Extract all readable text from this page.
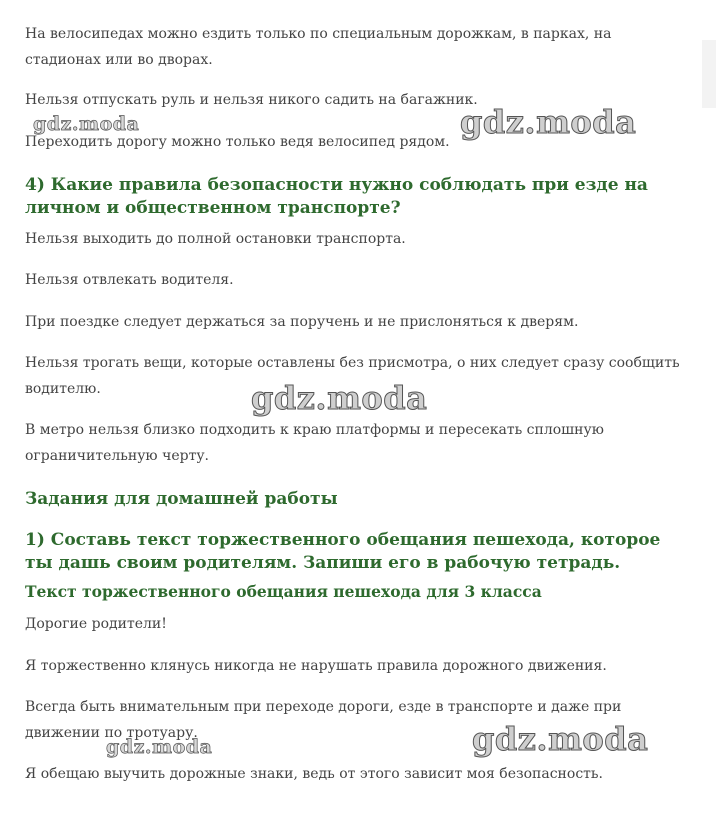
На велосипедах можно ездить только по специальным дорожкам, в парках, на стадионах или во дворах.

Нельзя отпускать руль и нельзя никого садить на багажник.

Переходить дорогу можно только ведя велосипед рядом.

4) Какие правила безопасности нужно соблюдать при езде на личном и общественном транспорте?

Нельзя выходить до полной остановки транспорта.

Нельзя отвлекать водителя.

При поездке следует держаться за поручень и не прислоняться к дверям.

Нельзя трогать вещи, которые оставлены без присмотра, о них следует сразу сообщить водителю.

В метро нельзя близко подходить к краю платформы и пересекать сплошную ограничительную черту.

Задания для домашней работы
1) Составь текст торжественного обещания пешехода, которое ты дашь своим родителям. Запиши его в рабочую тетрадь.
Текст торжественного обещания пешехода для 3 класса

Дорогие родители!

Я торжественно клянусь никогда не нарушать правила дорожного движения.

Всегда быть внимательным при переходе дороги, езде в транспорте и даже при движении по тротуару.

Я обещаю выучить дорожные знаки, ведь от этого зависит моя безопасность.

gdz.moda	gdz.moda
gdz.moda
gdz.moda	gdz.moda
